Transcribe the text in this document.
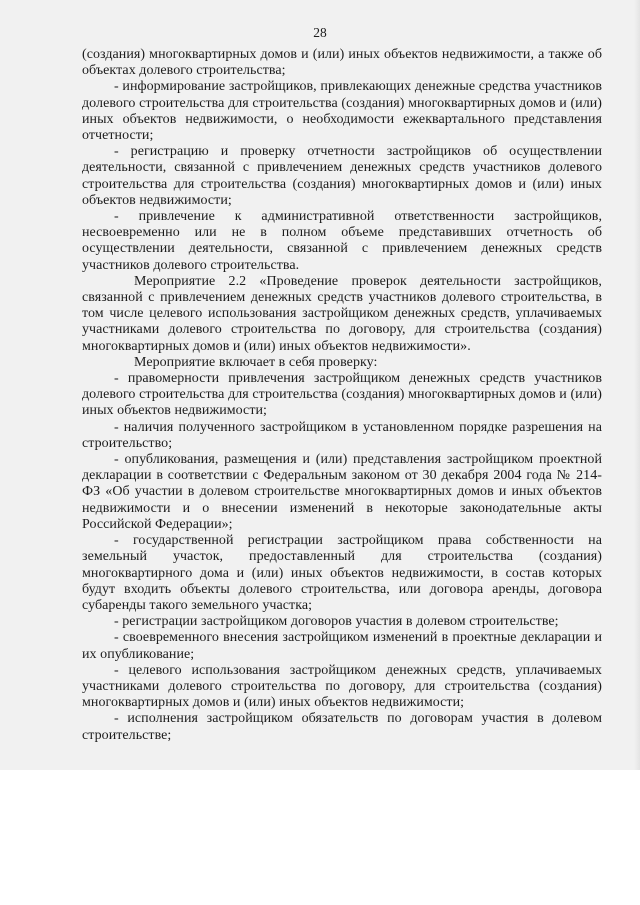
28

(создания) многоквартирных домов и (или) иных объектов недвижимости, а также об объектах долевого строительства;

- информирование застройщиков, привлекающих денежные средства участников долевого строительства для строительства (создания) многоквартирных домов и (или) иных объектов недвижимости, о необходимости ежеквартального представления отчетности;

- регистрацию и проверку отчетности застройщиков об осуществлении деятельности, связанной с привлечением денежных средств участников долевого строительства для строительства (создания) многоквартирных домов и (или) иных объектов недвижимости;

- привлечение к административной ответственности застройщиков, несвоевременно или не в полном объеме представивших отчетность об осуществлении деятельности, связанной с привлечением денежных средств участников долевого строительства.

Мероприятие 2.2 «Проведение проверок деятельности застройщиков, связанной с привлечением денежных средств участников долевого строительства, в том числе целевого использования застройщиком денежных средств, уплачиваемых участниками долевого строительства по договору, для строительства (создания) многоквартирных домов и (или) иных объектов недвижимости».

Мероприятие включает в себя проверку:

- правомерности привлечения застройщиком денежных средств участников долевого строительства для строительства (создания) многоквартирных домов и (или) иных объектов недвижимости;

- наличия полученного застройщиком в установленном порядке разрешения на строительство;

- опубликования, размещения и (или) представления застройщиком проектной декларации в соответствии с Федеральным законом от 30 декабря 2004 года № 214-ФЗ «Об участии в долевом строительстве многоквартирных домов и иных объектов недвижимости и о внесении изменений в некоторые законодательные акты Российской Федерации»;

- государственной регистрации застройщиком права собственности на земельный участок, предоставленный для строительства (создания) многоквартирного дома и (или) иных объектов недвижимости, в состав которых будут входить объекты долевого строительства, или договора аренды, договора субаренды такого земельного участка;

- регистрации застройщиком договоров участия в долевом строительстве;

- своевременного внесения застройщиком изменений в проектные декларации и их опубликование;

- целевого использования застройщиком денежных средств, уплачиваемых участниками долевого строительства по договору, для строительства (создания) многоквартирных домов и (или) иных объектов недвижимости;

- исполнения застройщиком обязательств по договорам участия в долевом строительстве;
